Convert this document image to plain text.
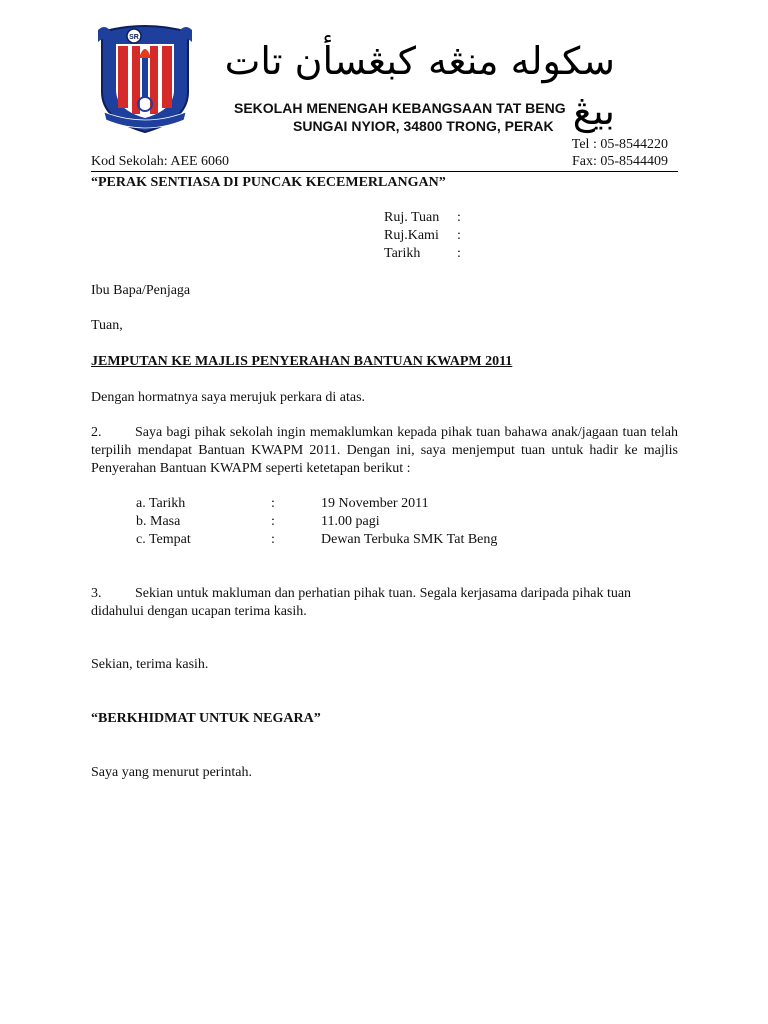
SR
سکوله منڠه کبڠسأن تات بيڠ
SEKOLAH MENENGAH KEBANGSAAN TAT BENG
SUNGAI NYIOR, 34800 TRONG, PERAK
Tel : 05-8544220
Kod Sekolah: AEE 6060	Fax: 05-8544409
“PERAK SENTIASA DI PUNCAK KECEMERLANGAN”
Ruj. Tuan	:
Ruj.Kami	:
Tarikh	:
Ibu Bapa/Penjaga
Tuan,
JEMPUTAN KE MAJLIS PENYERAHAN BANTUAN KWAPM 2011
Dengan hormatnya saya merujuk perkara di atas.
2. Saya bagi pihak sekolah ingin memaklumkan kepada pihak tuan bahawa anak/jagaan tuan telah terpilih mendapat Bantuan KWAPM 2011. Dengan ini, saya menjemput tuan untuk hadir ke majlis Penyerahan Bantuan KWAPM seperti ketetapan berikut :
a. Tarikh	:	19 November 2011
b. Masa	:	11.00 pagi
c. Tempat	:	Dewan Terbuka SMK Tat Beng
3. Sekian untuk makluman dan perhatian pihak tuan. Segala kerjasama daripada pihak tuan didahului dengan ucapan terima kasih.
Sekian, terima kasih.
“BERKHIDMAT UNTUK NEGARA”
Saya yang menurut perintah.
